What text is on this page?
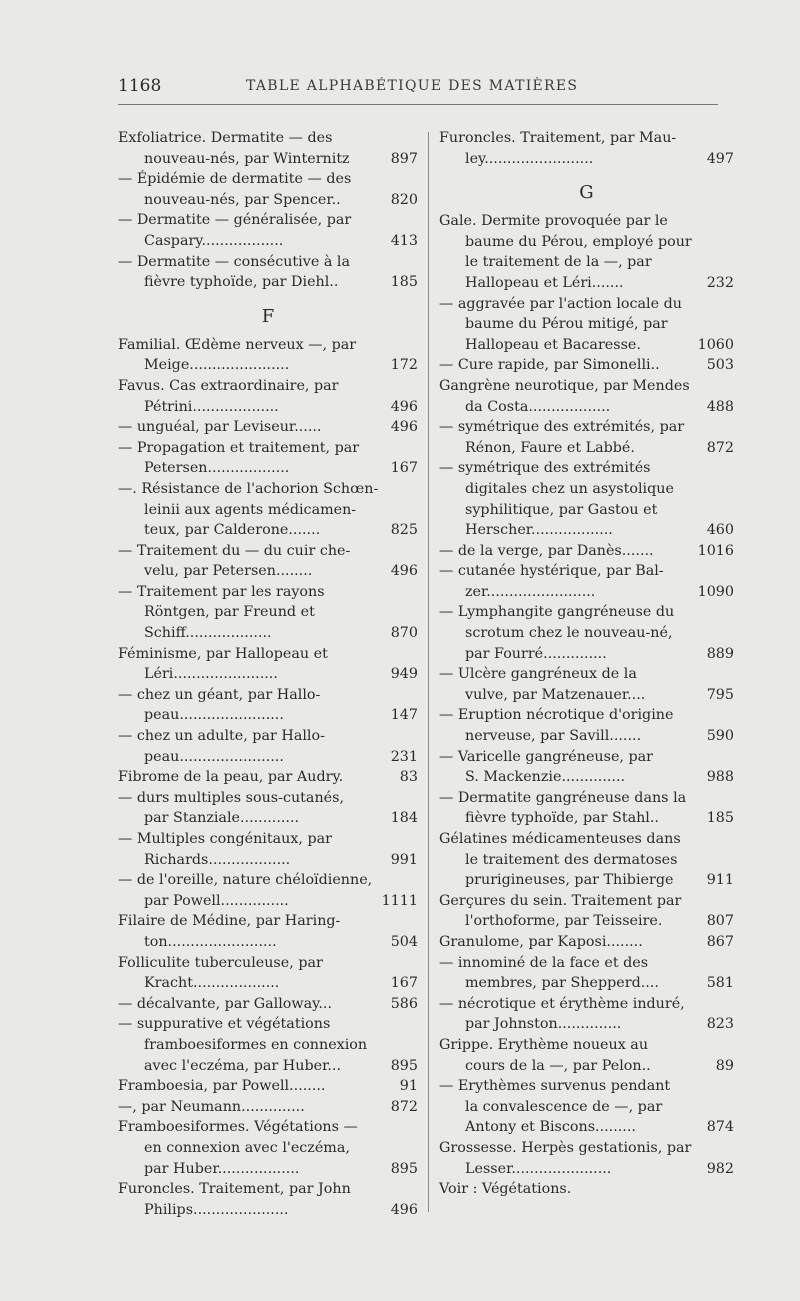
1168	TABLE ALPHABÉTIQUE DES MATIÈRES
Exfoliatrice. Dermatite — des
nouveau-nés, par Winternitz	897
— Épidémie de dermatite — des
nouveau-nés, par Spencer..	820
— Dermatite — généralisée, par
Caspary..................	413
— Dermatite — consécutive à la
fièvre typhoïde, par Diehl..	185
F
Familial. Œdème nerveux —, par
Meige......................	172
Favus. Cas extraordinaire, par
Pétrini...................	496
— unguéal, par Leviseur......	496
— Propagation et traitement, par
Petersen..................	167
—. Résistance de l'achorion Schœn-
leinii aux agents médicamen-
teux, par Calderone.......	825
— Traitement du — du cuir che-
velu, par Petersen........	496
— Traitement par les rayons
Röntgen, par Freund et
Schiff...................	870
Féminisme, par Hallopeau et
Léri.......................	949
— chez un géant, par Hallo-
peau.......................	147
— chez un adulte, par Hallo-
peau.......................	231
Fibrome de la peau, par Audry.	83
— durs multiples sous-cutanés,
par Stanziale.............	184
— Multiples congénitaux, par
Richards..................	991
— de l'oreille, nature chéloïdienne,
par Powell...............	1111
Filaire de Médine, par Haring-
ton........................	504
Folliculite tuberculeuse, par
Kracht...................	167
— décalvante, par Galloway...	586
— suppurative et végétations
framboesiformes en connexion
avec l'eczéma, par Huber...	895
Framboesia, par Powell........	91
—, par Neumann..............	872
Framboesiformes. Végétations —
en connexion avec l'eczéma,
par Huber..................	895
Furoncles. Traitement, par John
Philips.....................	496
Furoncles. Traitement, par Mau-
ley........................	497
G
Gale. Dermite provoquée par le
baume du Pérou, employé pour
le traitement de la —, par
Hallopeau et Léri.......	232
— aggravée par l'action locale du
baume du Pérou mitigé, par
Hallopeau et Bacaresse.	1060
— Cure rapide, par Simonelli..	503
Gangrène neurotique, par Mendes
da Costa..................	488
— symétrique des extrémités, par
Rénon, Faure et Labbé.	872
— symétrique des extrémités
digitales chez un asystolique
syphilitique, par Gastou et
Herscher..................	460
— de la verge, par Danès.......	1016
— cutanée hystérique, par Bal-
zer........................	1090
— Lymphangite gangréneuse du
scrotum chez le nouveau-né,
par Fourré..............	889
— Ulcère gangréneux de la
vulve, par Matzenauer....	795
— Eruption nécrotique d'origine
nerveuse, par Savill.......	590
— Varicelle gangréneuse, par
S. Mackenzie..............	988
— Dermatite gangréneuse dans la
fièvre typhoïde, par Stahl..	185
Gélatines médicamenteuses dans
le traitement des dermatoses
prurigineuses, par Thibierge 911
Gerçures du sein. Traitement par
l'orthoforme, par Teisseire.	807
Granulome, par Kaposi........	867
— innominé de la face et des
membres, par Shepperd....	581
— nécrotique et érythème induré,
par Johnston..............	823
Grippe. Erythème noueux au
cours de la —, par Pelon..	89
— Erythèmes survenus pendant
la convalescence de —, par
Antony et Biscons.........	874
Grossesse. Herpès gestationis, par
Lesser......................	982
Voir : Végétations.
